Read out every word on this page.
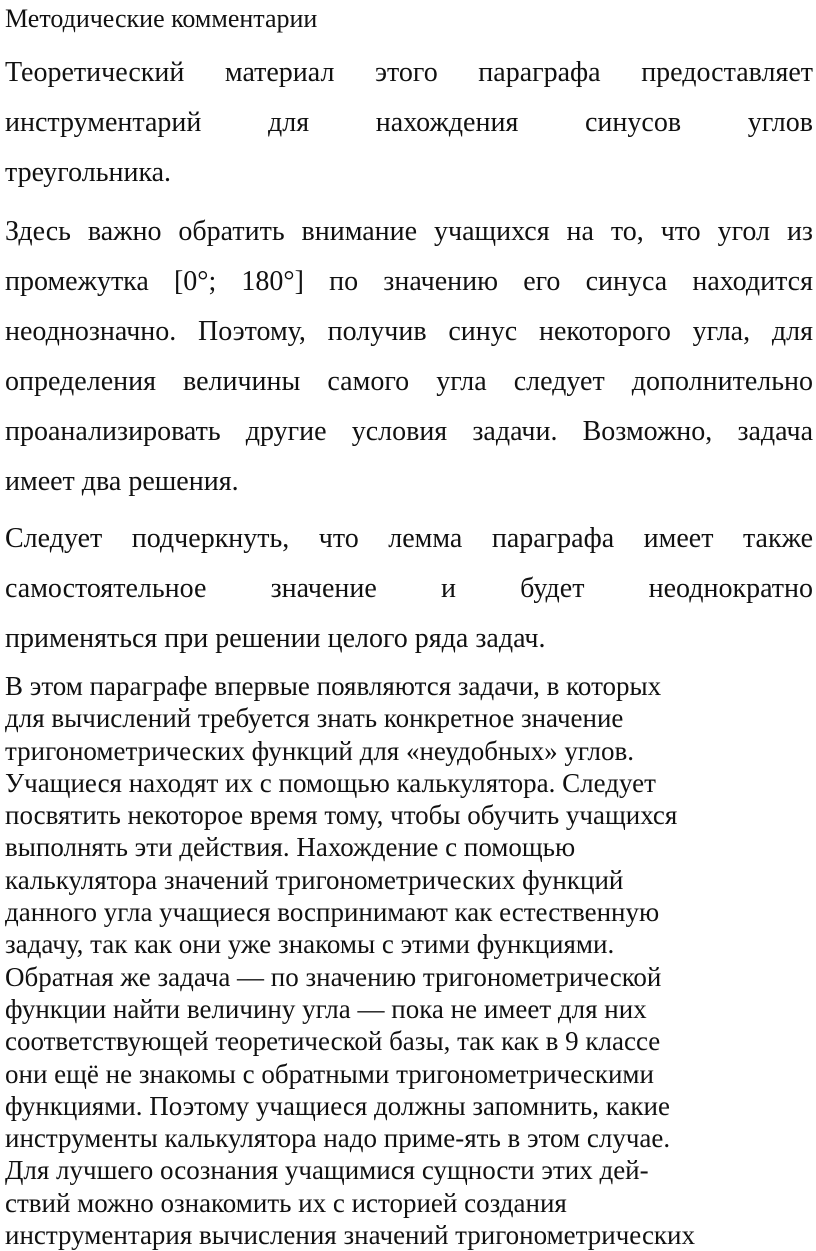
Методические комментарии
Теоретический материал этого параграфа предоставляет
инструментарий для нахождения синусов углов
треугольника.
Здесь важно обратить внимание учащихся на то, что угол из
промежутка [0°; 180°] по значению его синуса находится
неоднозначно. Поэтому, получив синус некоторого угла, для
определения величины самого угла следует дополнительно
проанализировать другие условия задачи. Возможно, задача
имеет два решения.
Следует подчеркнуть, что лемма параграфа имеет также
самостоятельное значение и будет неоднократно
применяться при решении целого ряда задач.
В этом параграфе впервые появляются задачи, в которых
для вычислений требуется знать конкретное значение
тригонометрических функций для «неудобных» углов.
Учащиеся находят их с помощью калькулятора. Следует
посвятить некоторое время тому, чтобы обучить учащихся
выполнять эти действия. Нахождение с помощью
калькулятора значений тригонометрических функций
данного угла учащиеся воспринимают как естественную
задачу, так как они уже знакомы с этими функциями.
Обратная же задача — по значению тригонометрической
функции найти величину угла — пока не имеет для них
соответствующей теоретической базы, так как в 9 классе
они ещё не знакомы с обратными тригонометрическими
функциями. Поэтому учащиеся должны запомнить, какие
инструменты калькулятора надо приме-ять в этом случае.
Для лучшего осознания учащимися сущности этих дей-
ствий можно ознакомить их с историей создания
инструментария вычисления значений тригонометрических
